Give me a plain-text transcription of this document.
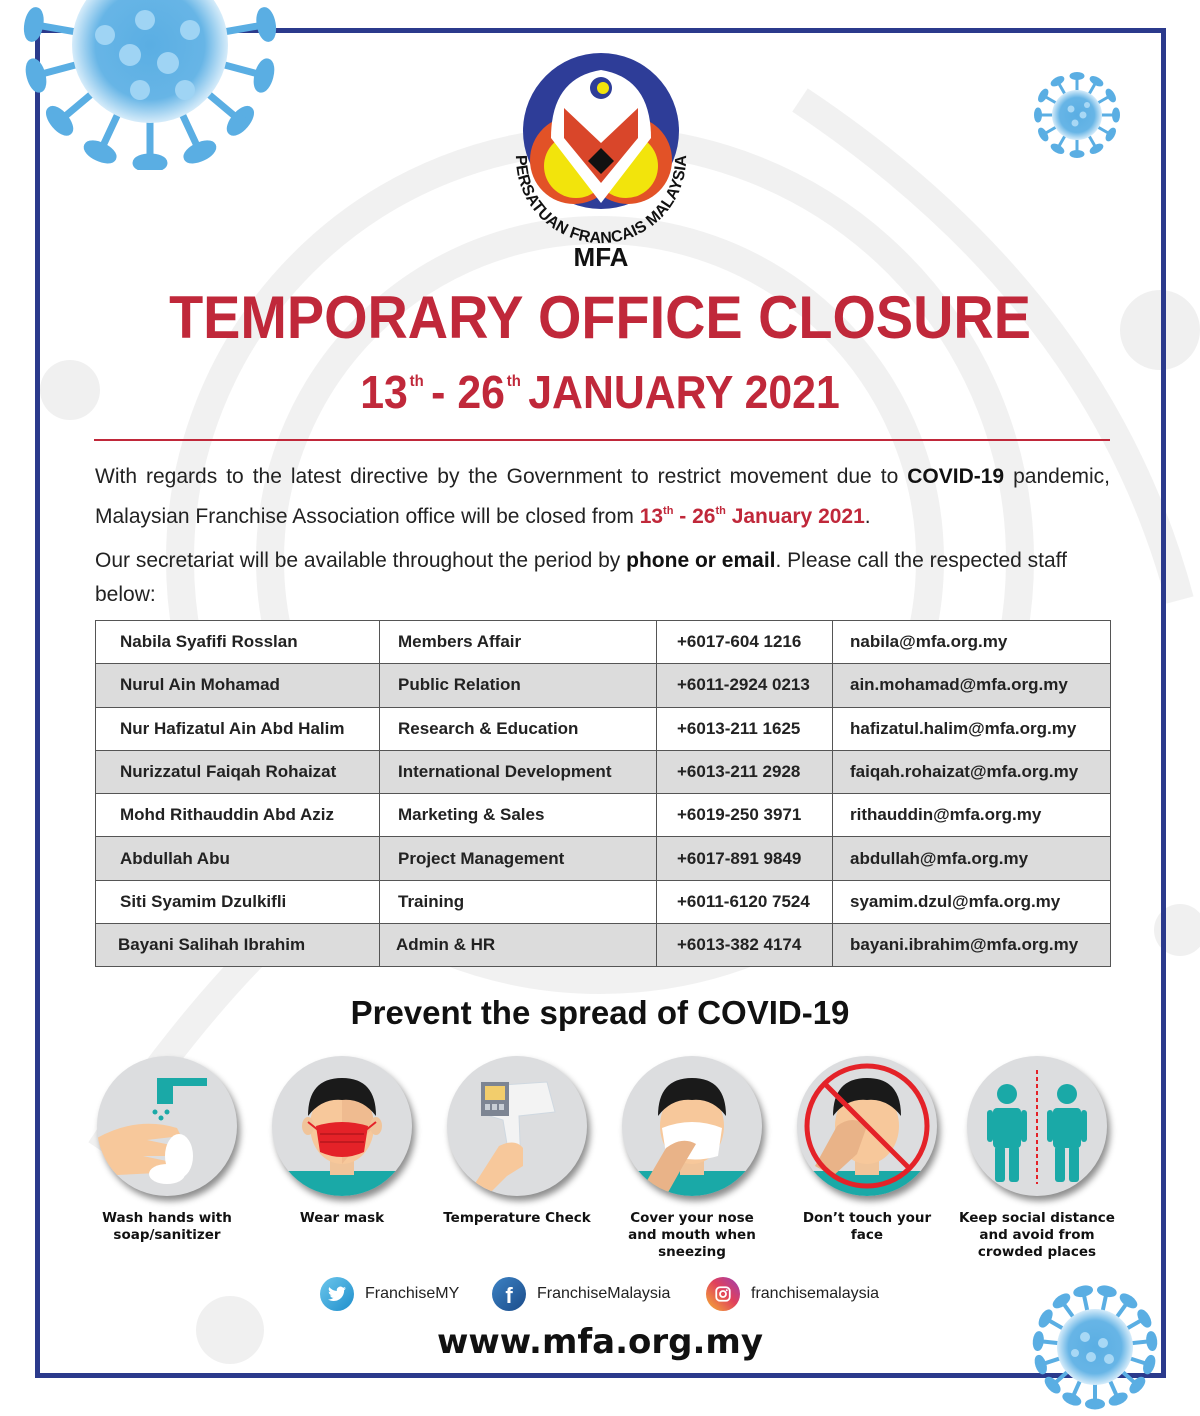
PERSATUAN FRANCAIS MALAYSIA
MFA
TEMPORARY OFFICE CLOSURE
13 $^{th}$ - 26 $^{th}$ JANUARY 2021

With regards to the latest directive by the Government to restrict movement due to COVID-19 pandemic, Malaysian Franchise Association office will be closed from 13th - 26th January 2021.

Our secretariat will be available throughout the period by phone or email. Please call the respected staff below:

Nabila Syafifi Rosslan	Members Affair	+6017-604 1216	nabila@mfa.org.my
Nurul Ain Mohamad	Public Relation	+6011-2924 0213	ain.mohamad@mfa.org.my
Nur Hafizatul Ain Abd Halim	Research & Education	+6013-211 1625	hafizatul.halim@mfa.org.my
Nurizzatul Faiqah Rohaizat	International Development	+6013-211 2928	faiqah.rohaizat@mfa.org.my
Mohd Rithauddin Abd Aziz	Marketing & Sales	+6019-250 3971	rithauddin@mfa.org.my
Abdullah Abu	Project Management	+6017-891 9849	abdullah@mfa.org.my
Siti Syamim Dzulkifli	Training	+6011-6120 7524	syamim.dzul@mfa.org.my
Bayani Salihah Ibrahim	Admin & HR	+6013-382 4174	bayani.ibrahim@mfa.org.my
Prevent the spread of COVID-19
Wash hands with
soap/sanitizer
Wear mask	Temperature Check	Cover your nose
and mouth when
sneezing
Don’t touch your
face
Keep social distance
and avoid from
crowded places
FranchiseMY f FranchiseMalaysia	franchisemalaysia
www.mfa.org.my
